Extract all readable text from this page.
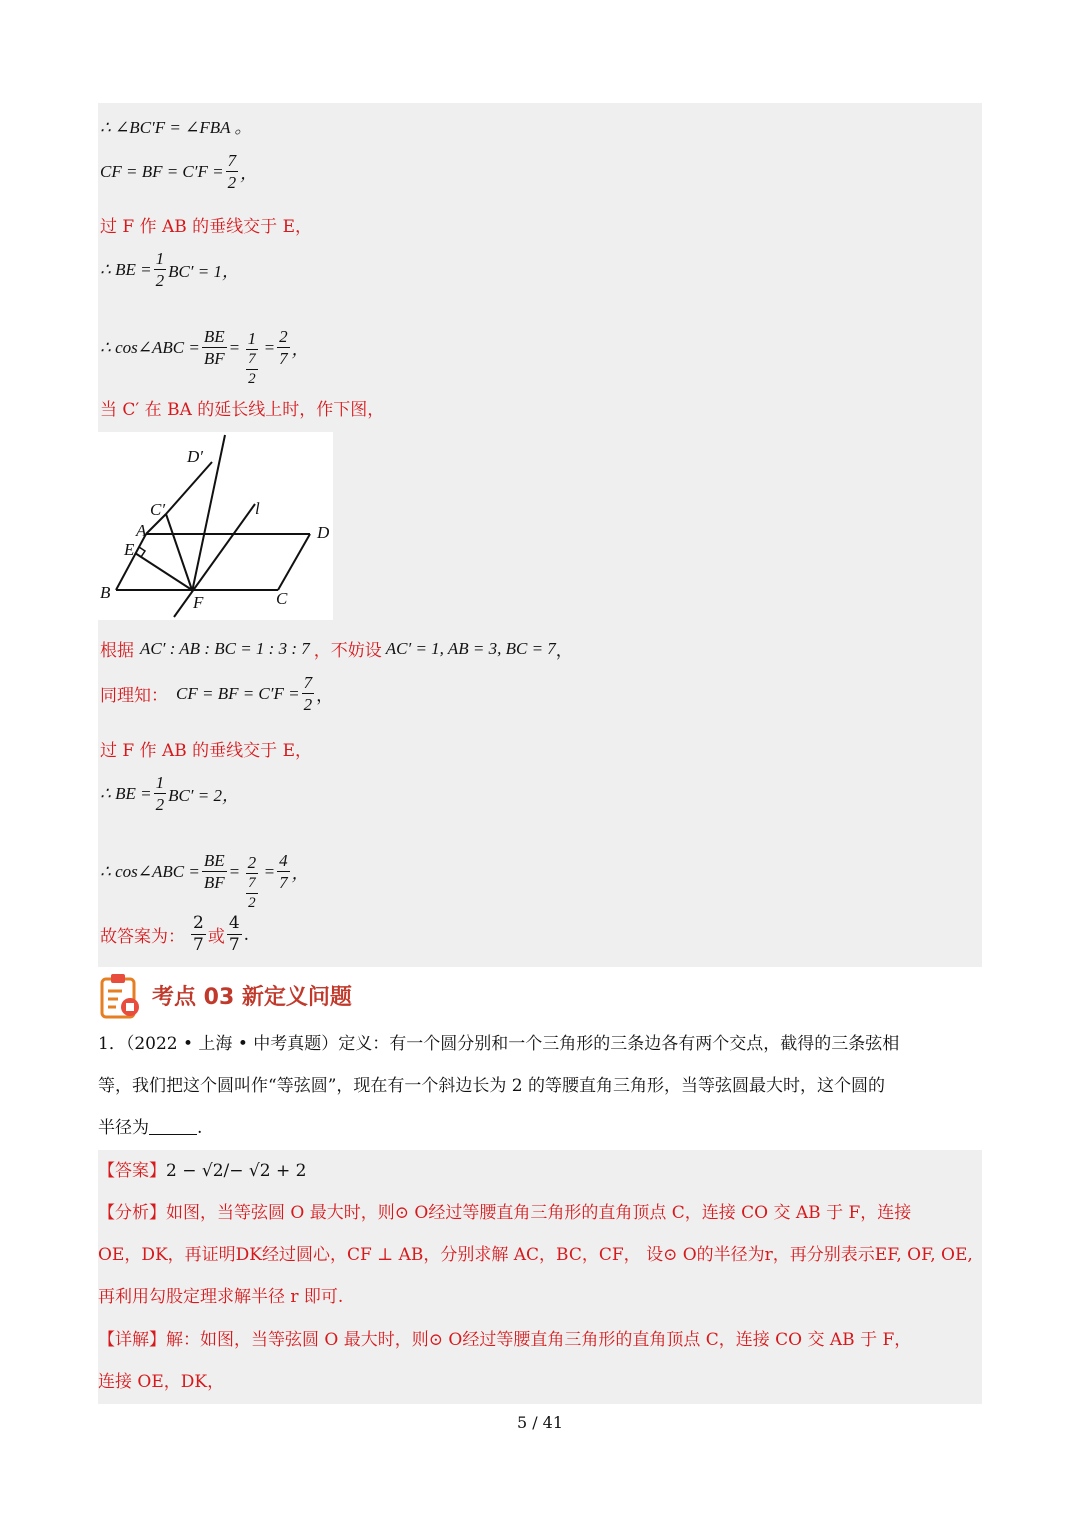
∴ ∠BC′F = ∠FBA 。
CF = BF = $C'F = \frac{7}{2}$ ，
过 F 作 AB 的垂线交于 E，
∴ BE = $\frac{1}{2} BC' = 1$，
∴ cos∠ABC = $\frac{BE}{BF} = \frac{1}{\frac{7}{2}} = \frac{2}{7}$ ，
当 C′ 在 BA 的延长线上时，作下图，
D′
C′
A
E
B
F	C
D
l
根据 AC′ : AB : BC = 1 : 3 : 7 ，不妨设 AC′ = 1, AB = 3, BC = 7 ，
同理知： CF = BF = $C'F = \frac{7}{2}$ ，
过 F 作 AB 的垂线交于 E，
∴ BE = $\frac{1}{2} BC' = 2$，
∴ cos∠ABC = $\frac{BE}{BF} = \frac{2}{\frac{7}{2}} = \frac{4}{7}$ ，
故答案为： $\frac{2}{7}$ 或 $\frac{4}{7}$ .
考点 03 新定义问题
1．（2022 • 上海 • 中考真题）定义：有一个圆分别和一个三角形的三条边各有两个交点，截得的三条弦相
等，我们把这个圆叫作“等弦圆”，现在有一个斜边长为 2 的等腰直角三角形，当等弦圆最大时，这个圆的
半径为	.
【答案】2 − √2/− √2 + 2
【分析】如图，当等弦圆 O 最大时，则⊙ O经过等腰直角三角形的直角顶点 C，连接 CO 交 AB 于 F，连接
OE，DK，再证明DK经过圆心，CF ⊥ AB，分别求解 AC，BC，CF， 设⊙ O的半径为r，再分别表示EF, OF, OE,
再利用勾股定理求解半径 r 即可.
【详解】解：如图，当等弦圆 O 最大时，则⊙ O经过等腰直角三角形的直角顶点 C，连接 CO 交 AB 于 F，
连接 OE，DK，
5 / 41
